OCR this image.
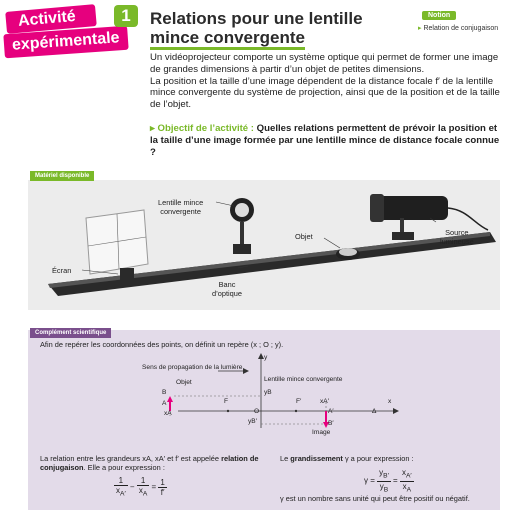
Activité
expérimentale
1	Relations pour une lentille
mince convergente
Notion
▸ Relation de conjugaison

Un vidéoprojecteur comporte un système optique qui permet de former une image de grandes dimensions à partir d’un objet de petites dimensions.

La position et la taille d’une image dépendent de la distance focale f′ de la lentille mince convergente du système de projection, ainsi que de la position et de la taille de l’objet.

▸ Objectif de l’activité : Quelles relations permettent de prévoir la position et la taille d’une image formée par une lentille mince de distance focale connue ?
Matériel disponible
Lentille mince
convergente
Objet	Source
lumineuse
Écran
Banc
d’optique
Complément scientifique
Afin de repérer les coordonnées des points, on définit un repère (x ; O ; y).
Sens de propagation de la lumière
Lentille mince convergente
Objet
B
A
xA
F
O
yB
yB′
F′	xA′
A′
B′
Image
Δ
x
y
La relation entre les grandeurs xA, xA′ et f′ est appelée relation de conjugaison. Elle a pour expression :
$\frac{1}{x_{A'}} - \frac{1}{x_A} = \frac{1}{f'}$
Le grandissement γ a pour expression :
$\gamma = \frac{y_{B'}}{y_B} = \frac{x_{A'}}{x_A}$
γ est un nombre sans unité qui peut être positif ou négatif.
